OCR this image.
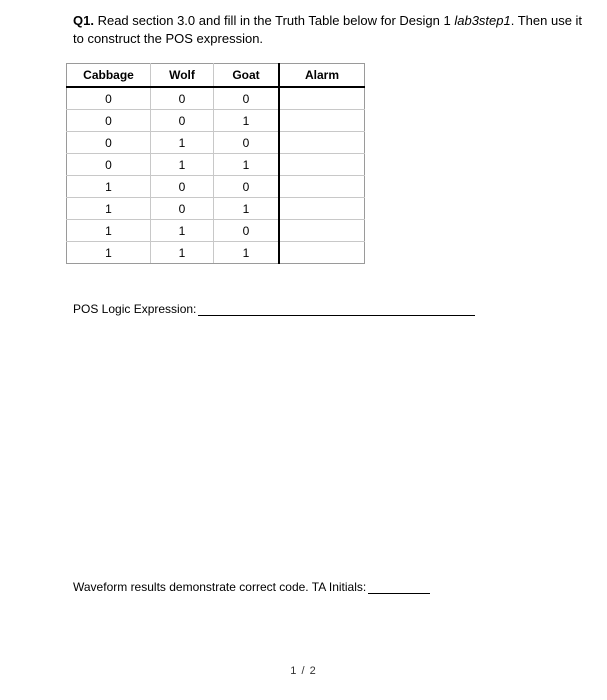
Q1. Read section 3.0 and fill in the Truth Table below for Design 1 lab3step1. Then use it to construct the POS expression.
Cabbage	Wolf	Goat	Alarm
0	0	0	
0	0	1	
0	1	0	
0	1	1	
1	0	0	
1	0	1	
1	1	0	
1	1	1	
POS Logic Expression:
Waveform results demonstrate correct code. TA Initials:
1 / 2
